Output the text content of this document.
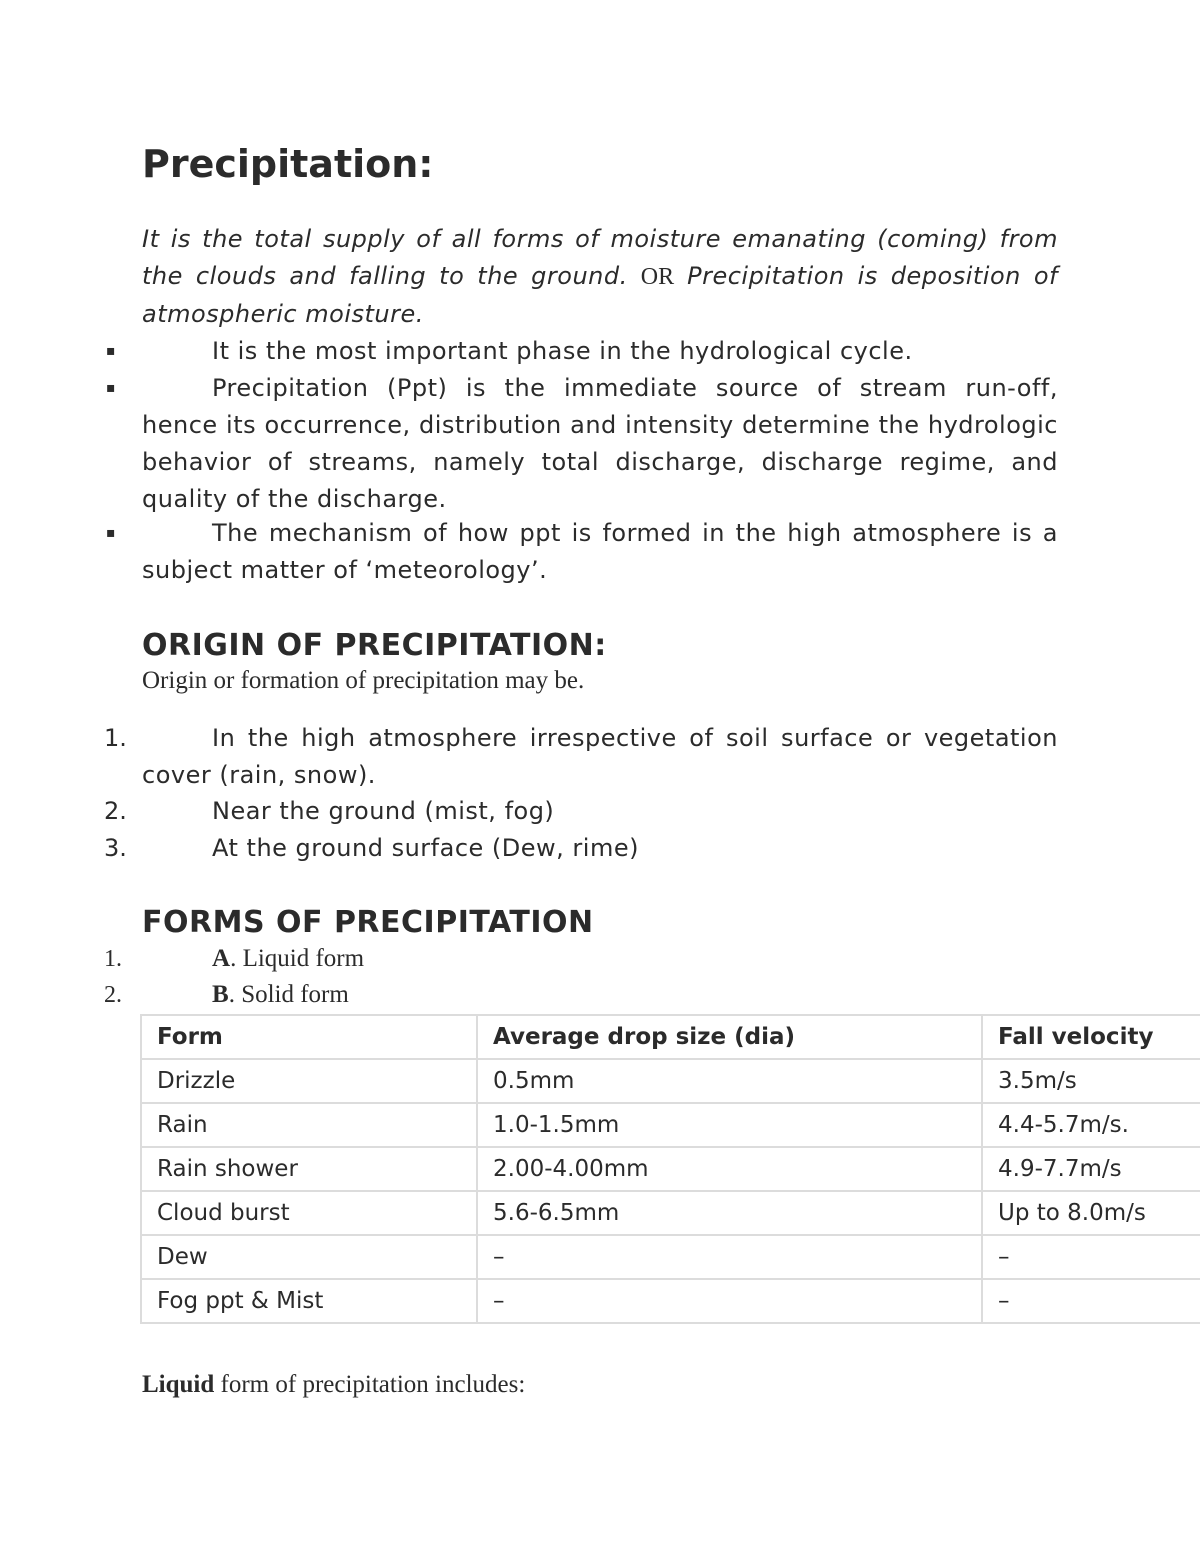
Precipitation:
It is the total supply of all forms of moisture emanating (coming) from the clouds and falling to the ground. OR Precipitation is deposition of atmospheric moisture.
▪	It is the most important phase in the hydrological cycle.
▪	Precipitation (Ppt) is the immediate source of stream run-off, hence its occurrence, distribution and intensity determine the hydrologic behavior of streams, namely total discharge, discharge regime, and quality of the discharge.
▪	The mechanism of how ppt is formed in the high atmosphere is a subject matter of ‘meteorology’.
ORIGIN OF PRECIPITATION:
Origin or formation of precipitation may be.
1.	In the high atmosphere irrespective of soil surface or vegetation cover (rain, snow).
2.	Near the ground (mist, fog)
3.	At the ground surface (Dew, rime)
FORMS OF PRECIPITATION
1.	A. Liquid form
2.	B. Solid form
Form	Average drop size (dia)	Fall velocity
Drizzle	0.5mm	3.5m/s
Rain	1.0-1.5mm	4.4-5.7m/s.
Rain shower	2.00-4.00mm	4.9-7.7m/s
Cloud burst	5.6-6.5mm	Up to 8.0m/s
Dew	–	–
Fog ppt & Mist	–	–
Liquid form of precipitation includes:
